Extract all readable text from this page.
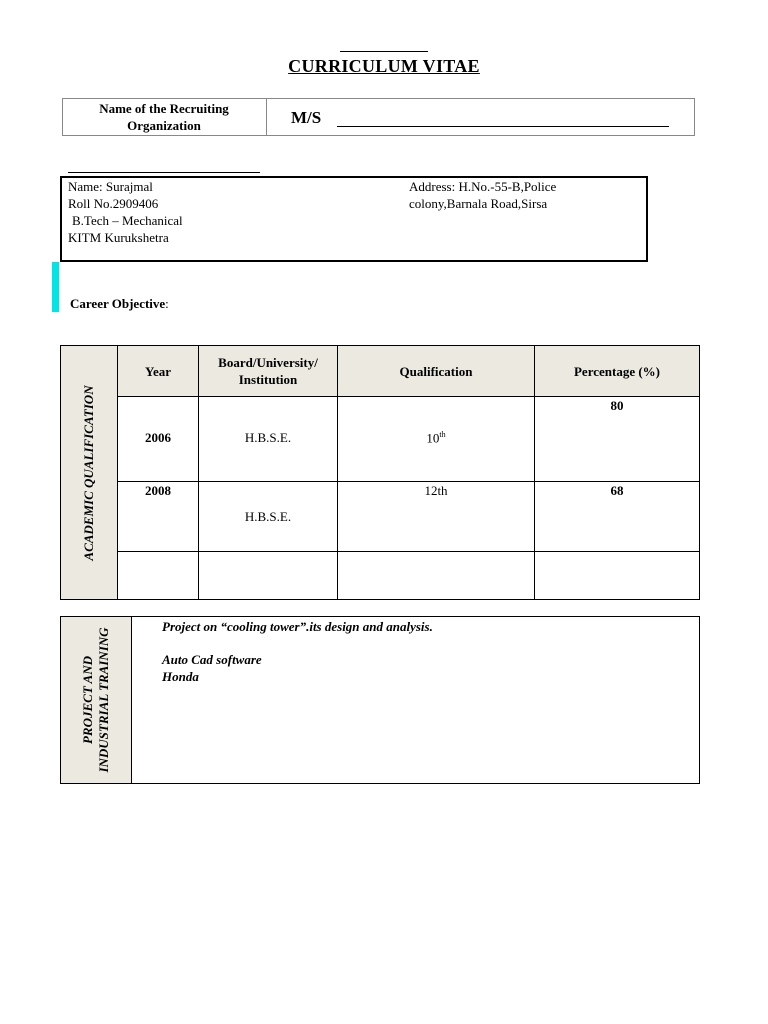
CURRICULUM VITAE
Name of the Recruiting Organization	M/S
Name: Surajmal
Roll No.2909406
B.Tech – Mechanical
KITM Kurukshetra
Address: H.No.-55-B,Police
colony,Barnala Road,Sirsa
Career Objective:
ACADEMIC QUALIFICATION	Year	Board/University/ Institution	Qualification	Percentage (%)

	2006	H.B.S.E.	10th	80

	2008	H.B.S.E.	12th	68

PROJECT AND
INDUSTRIAL TRAINING

Project on “cooling tower”.its design and analysis.
Auto Cad software
Honda
